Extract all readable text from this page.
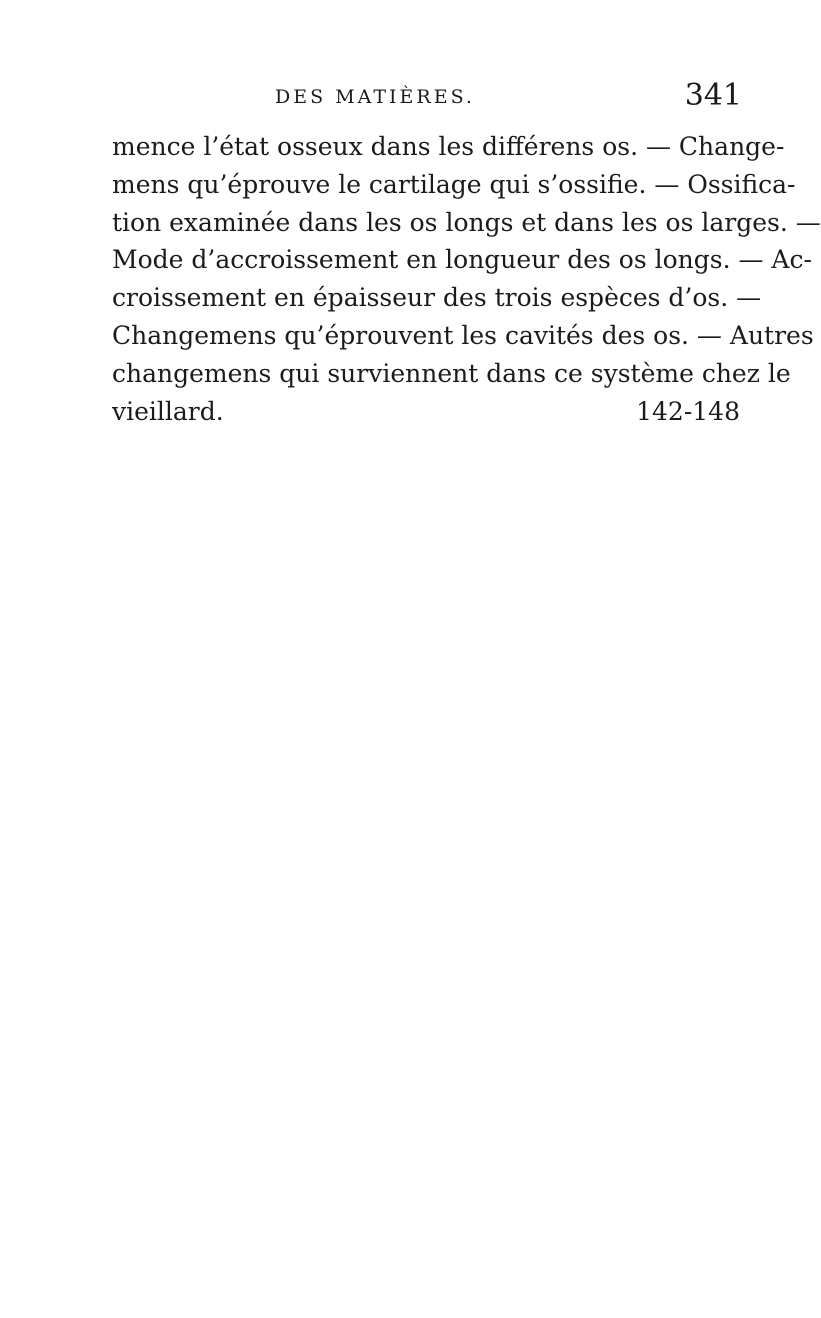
DES MATIÈRES.	341
mence l’état osseux dans les différens os. — Change-
mens qu’éprouve le cartilage qui s’ossifie. — Ossifica-
tion examinée dans les os longs et dans les os larges. —
Mode d’accroissement en longueur des os longs. — Ac-
croissement en épaisseur des trois espèces d’os. —
Changemens qu’éprouvent les cavités des os. — Autres
changemens qui surviennent dans ce système chez le
vieillard.	142-148
